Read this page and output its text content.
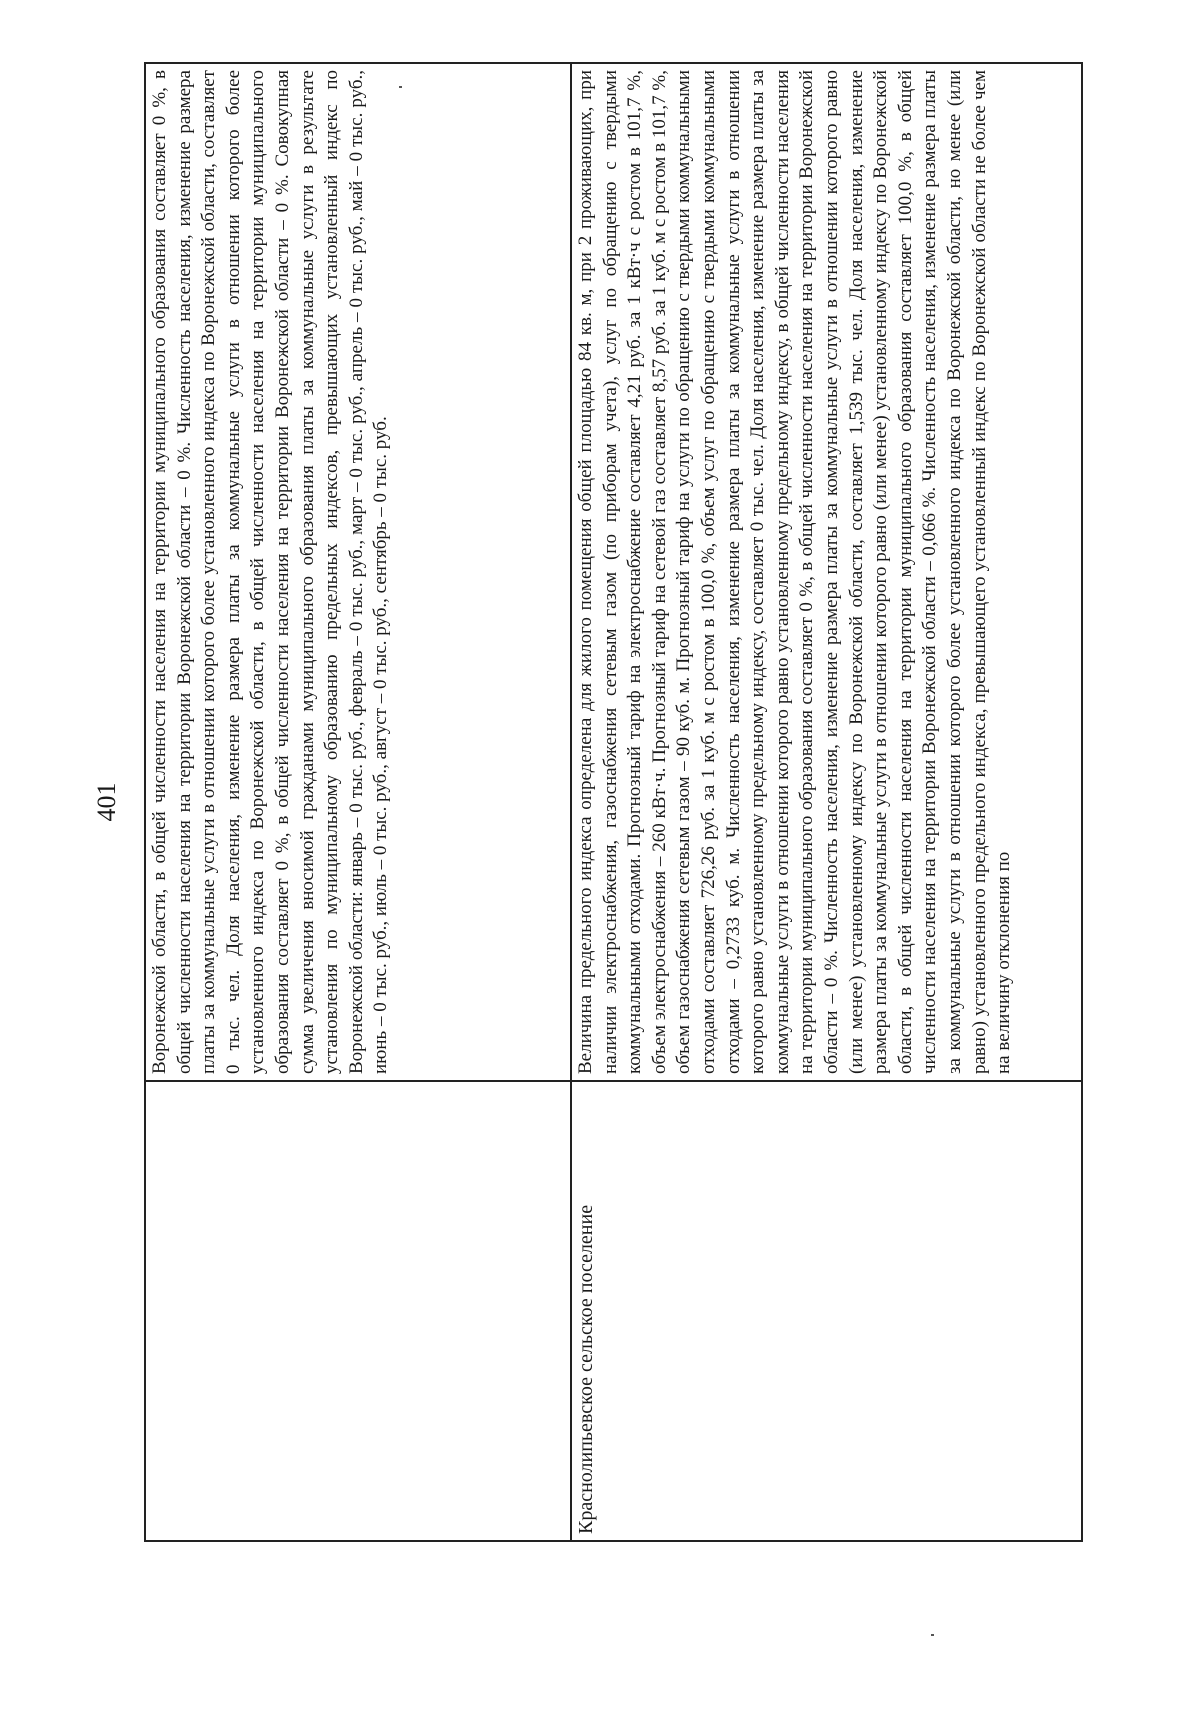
401

	Воронежской области, в общей численности населения на территории муниципального образования составляет 0 %, в общей численности населения на территории Воронежской области – 0 %. Численность населения, изменение размера платы за коммунальные услуги в отношении которого более установленного индекса по Воронежской области, составляет 0 тыс. чел. Доля населения, изменение размера платы за коммунальные услуги в отношении которого более установленного индекса по Воронежской области, в общей численности населения на территории муниципального образования составляет 0 %, в общей численности населения на территории Воронежской области – 0 %. Совокупная сумма увеличения вносимой гражданами муниципального образования платы за коммунальные услуги в результате установления по муниципальному образованию предельных индексов, превышающих установленный индекс по Воронежской области: январь – 0 тыс. руб., февраль – 0 тыс. руб., март – 0 тыс. руб., апрель – 0 тыс. руб., май – 0 тыс. руб., июнь – 0 тыс. руб., июль – 0 тыс. руб., август – 0 тыс. руб., сентябрь – 0 тыс. руб.

Краснолипьевское сельское поселение	Величина предельного индекса определена для жилого помещения общей площадью 84 кв. м, при 2 проживающих, при наличии электроснабжения, газоснабжения сетевым газом (по приборам учета), услуг по обращению с твердыми коммунальными отходами. Прогнозный тариф на электроснабжение составляет 4,21 руб. за 1 кВт·ч с ростом в 101,7 %, объем электроснабжения – 260 кВт·ч. Прогнозный тариф на сетевой газ составляет 8,57 руб. за 1 куб. м с ростом в 101,7 %, объем газоснабжения сетевым газом – 90 куб. м. Прогнозный тариф на услуги по обращению с твердыми коммунальными отходами составляет 726,26 руб. за 1 куб. м с ростом в 100,0 %, объем услуг по обращению с твердыми коммунальными отходами – 0,2733 куб. м. Численность населения, изменение размера платы за коммунальные услуги в отношении которого равно установленному предельному индексу, составляет 0 тыс. чел. Доля населения, изменение размера платы за коммунальные услуги в отношении которого равно установленному предельному индексу, в общей численности населения на территории муниципального образования составляет 0 %, в общей численности населения на территории Воронежской области – 0 %. Численность населения, изменение размера платы за коммунальные услуги в отношении которого равно (или менее) установленному индексу по Воронежской области, составляет 1,539 тыс. чел. Доля населения, изменение размера платы за коммунальные услуги в отношении которого равно (или менее) установленному индексу по Воронежской области, в общей численности населения на территории муниципального образования составляет 100,0 %, в общей численности населения на территории Воронежской области – 0,066 %. Численность населения, изменение размера платы за коммунальные услуги в отношении которого более установленного индекса по Воронежской области, но менее (или равно) установленного предельного индекса, превышающего установленный индекс по Воронежской области не более чем на величину отклонения по
